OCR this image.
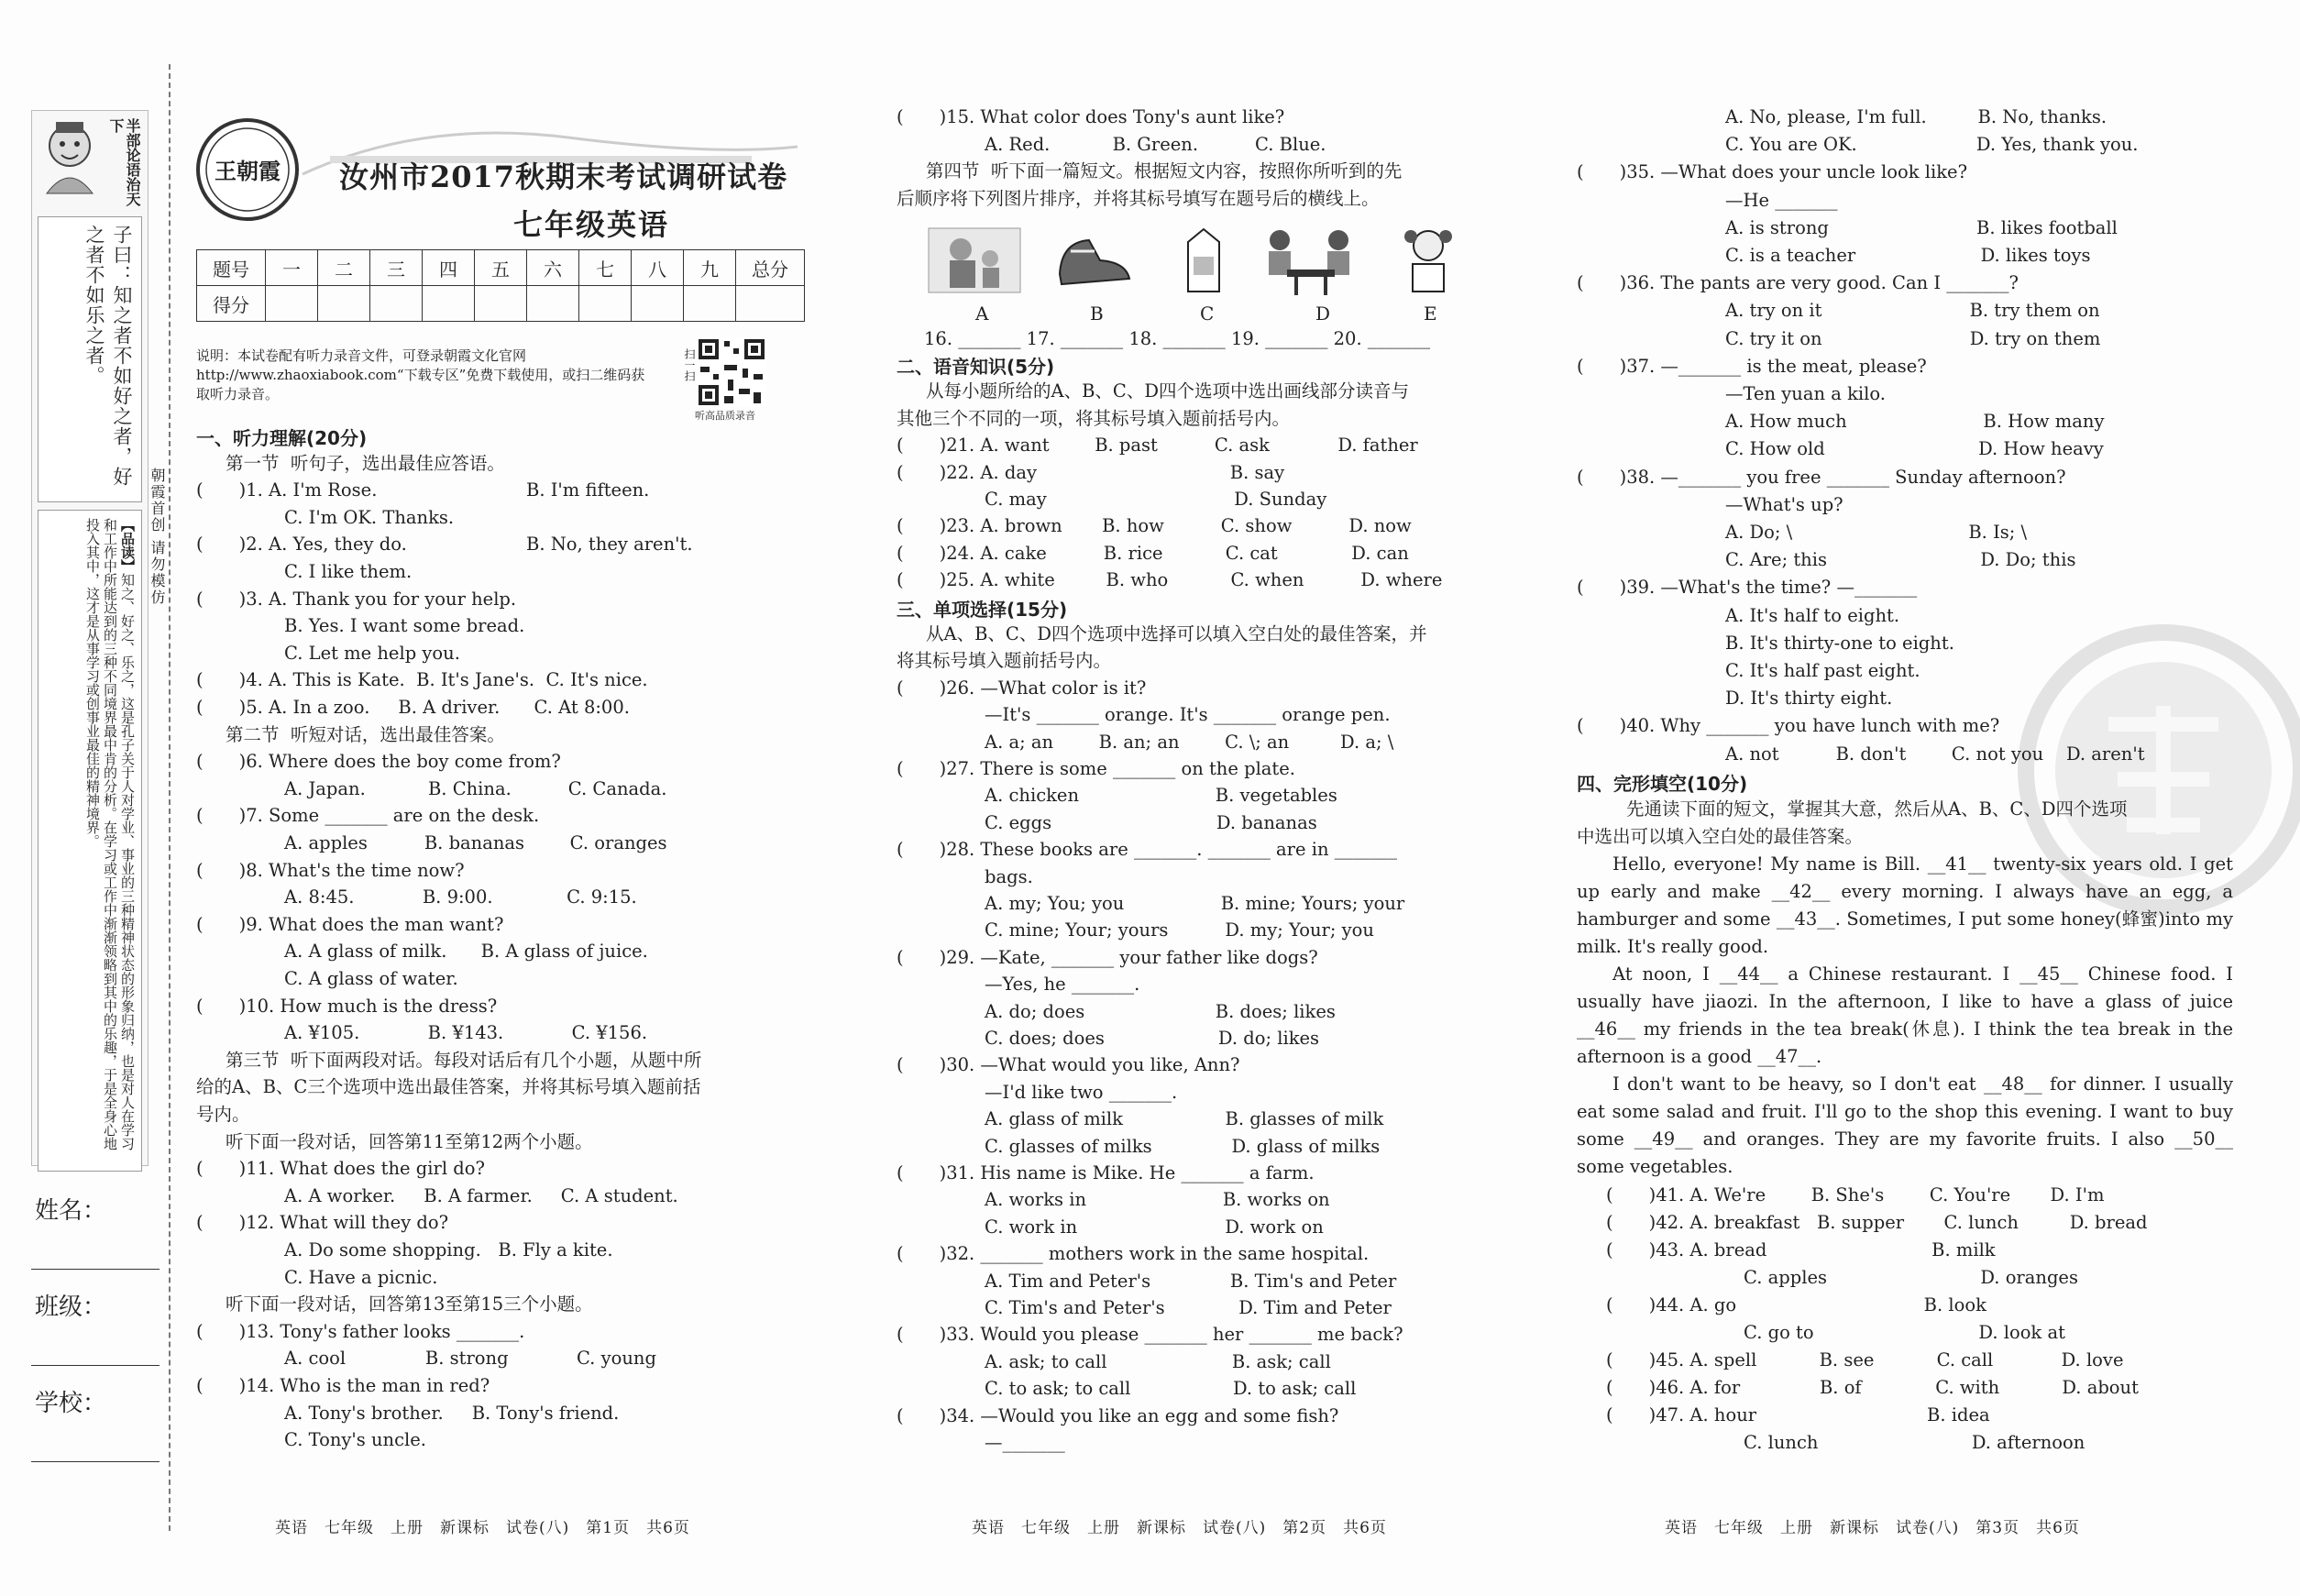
半部论语治天下
子曰：知之者不如好之者，好之者不如乐之者。
【品读】知之、好之、乐之，这是孔子关于人对学业、事业的三种精神状态的形象归纳，也是对人在学习和工作中所能达到的三种不同境界最中肯的分析。在学习或工作中渐渐领略到其中的乐趣，于是全身心地投入其中，这才是从事学习或创事业最佳的精神境界。
姓名：
班级：
学校：
朝霞首创 请勿模仿
王朝霞 汝州市2017秋期末考试调研试卷
七年级英语
题号	一	二	三	四	五	六	七	八	九	总分
得分										
说明：本试卷配有听力录音文件，可登录朝霞文化官网http://www.zhaoxiabook.com“下载专区”免费下载使用，或扫二维码获取听力录音。
扫一扫
听高品质录音
一、听力理解(20分)
第一节  听句子，选出最佳应答语。
(　　)1. A. I'm Rose.	B. I'm fifteen.
C. I'm OK. Thanks.
(　　)2. A. Yes, they do.	B. No, they aren't.
C. I like them.
(　　)3. A. Thank you for your help.
B. Yes. I want some bread.
C. Let me help you.
(　　)4. A. This is Kate.  B. It's Jane's.  C. It's nice.
(　　)5. A. In a zoo.     B. A driver.      C. At 8:00.
第二节  听短对话，选出最佳答案。
(　　)6. Where does the boy come from?
A. Japan.           B. China.          C. Canada.
(　　)7. Some _______ are on the desk.
A. apples          B. bananas        C. oranges
(　　)8. What's the time now?
A. 8:45.            B. 9:00.             C. 9:15.
(　　)9. What does the man want?
A. A glass of milk.      B. A glass of juice.
C. A glass of water.
(　　)10. How much is the dress?
A. ¥105.            B. ¥143.            C. ¥156.
第三节  听下面两段对话。每段对话后有几个小题，从题中所
给的A、B、C三个选项中选出最佳答案，并将其标号填入题前括
号内。
听下面一段对话，回答第11至第12两个小题。
(　　)11. What does the girl do?
A. A worker.     B. A farmer.     C. A student.
(　　)12. What will they do?
A. Do some shopping.   B. Fly a kite.
C. Have a picnic.
听下面一段对话，回答第13至第15三个小题。
(　　)13. Tony's father looks _______.
A. cool              B. strong            C. young
(　　)14. Who is the man in red?
A. Tony's brother.     B. Tony's friend.
C. Tony's uncle.
英语　七年级　上册　新课标　试卷(八)　第1页　共6页
(　　)15. What color does Tony's aunt like?
A. Red.           B. Green.          C. Blue.
第四节  听下面一篇短文。根据短文内容，按照你所听到的先
后顺序将下列图片排序，并将其标号填写在题号后的横线上。
A	B	C	D	E
16. _______ 17. _______ 18. _______ 19. _______ 20. _______
二、语音知识(5分)
从每小题所给的A、B、C、D四个选项中选出画线部分读音与
其他三个不同的一项，将其标号填入题前括号内。
(　　)21. A. want        B. past          C. ask            D. father
(　　)22. A. day                                  B. say
C. may                                 D. Sunday
(　　)23. A. brown       B. how          C. show          D. now
(　　)24. A. cake          B. rice           C. cat             D. can
(　　)25. A. white         B. who           C. when          D. where
三、单项选择(15分)
从A、B、C、D四个选项中选择可以填入空白处的最佳答案，并
将其标号填入题前括号内。
(　　)26. —What color is it?
—It's _______ orange. It's _______ orange pen.
A. a; an        B. an; an        C. \; an         D. a; \
(　　)27. There is some _______ on the plate.
A. chicken                        B. vegetables
C. eggs                             D. bananas
(　　)28. These books are _______. _______ are in _______
bags.
A. my; You; you                 B. mine; Yours; your
C. mine; Your; yours          D. my; Your; you
(　　)29. —Kate, _______ your father like dogs?
—Yes, he _______.
A. do; does                       B. does; likes
C. does; does                    D. do; likes
(　　)30. —What would you like, Ann?
—I'd like two _______.
A. glass of milk                  B. glasses of milk
C. glasses of milks              D. glass of milks
(　　)31. His name is Mike. He _______ a farm.
A. works in                        B. works on
C. work in                          D. work on
(　　)32. _______ mothers work in the same hospital.
A. Tim and Peter's              B. Tim's and Peter
C. Tim's and Peter's             D. Tim and Peter
(　　)33. Would you please _______ her _______ me back?
A. ask; to call                      B. ask; call
C. to ask; to call                  D. to ask; call
(　　)34. —Would you like an egg and some fish?
—_______
英语　七年级　上册　新课标　试卷(八)　第2页　共6页
A. No, please, I'm full.         B. No, thanks.
C. You are OK.                     D. Yes, thank you.
(　　)35. —What does your uncle look like?
—He _______
A. is strong                          B. likes football
C. is a teacher                      D. likes toys
(　　)36. The pants are very good. Can I _______?
A. try on it                          B. try them on
C. try it on                          D. try on them
(　　)37. —_______ is the meat, please?
—Ten yuan a kilo.
A. How much                        B. How many
C. How old                           D. How heavy
(　　)38. —_______ you free _______ Sunday afternoon?
—What's up?
A. Do; \                               B. Is; \
C. Are; this                           D. Do; this
(　　)39. —What's the time? —_______
A. It's half to eight.
B. It's thirty-one to eight.
C. It's half past eight.
D. It's thirty eight.
(　　)40. Why _______ you have lunch with me?
A. not          B. don't        C. not you    D. aren't
四、完形填空(10分)
先通读下面的短文，掌握其大意，然后从A、B、C、D四个选项
中选出可以填入空白处的最佳答案。
Hello, everyone! My name is Bill. __41__ twenty-six years old. I get up early and make __42__ every morning. I always have an egg, a hamburger and some __43__. Sometimes, I put some honey(蜂蜜)into my milk. It's really good.
At noon, I __44__ a Chinese restaurant. I __45__ Chinese food. I usually have jiaozi. In the afternoon, I like to have a glass of juice __46__ my friends in the tea break(休息). I think the tea break in the afternoon is a good __47__.
I don't want to be heavy, so I don't eat __48__ for dinner. I usually eat some salad and fruit. I'll go to the shop this evening. I want to buy some __49__ and oranges. They are my favorite fruits. I also __50__ some vegetables.
(　　)41. A. We're        B. She's        C. You're       D. I'm
(　　)42. A. breakfast   B. supper       C. lunch         D. bread
(　　)43. A. bread                             B. milk
C. apples                           D. oranges
(　　)44. A. go                                 B. look
C. go to                             D. look at
(　　)45. A. spell           B. see           C. call            D. love
(　　)46. A. for              B. of             C. with           D. about
(　　)47. A. hour                              B. idea
C. lunch                           D. afternoon
英语　七年级　上册　新课标　试卷(八)　第3页　共6页
